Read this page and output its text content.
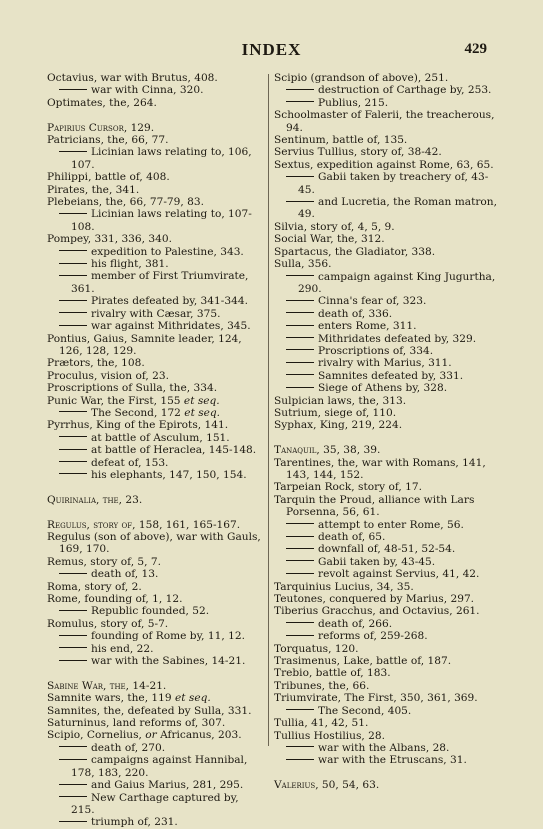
INDEX	429
Octavius, war with Brutus, 408.
war with Cinna, 320.
Optimates, the, 264.
Papirius Cursor, 129.
Patricians, the, 66, 77.
Licinian laws relating to, 106, 107.
Philippi, battle of, 408.
Pirates, the, 341.
Plebeians, the, 66, 77-79, 83.
Licinian laws relating to, 107-108.
Pompey, 331, 336, 340.
expedition to Palestine, 343.
his flight, 381.
member of First Triumvirate, 361.
Pirates defeated by, 341-344.
rivalry with Cæsar, 375.
war against Mithridates, 345.
Pontius, Gaius, Samnite leader, 124, 126, 128, 129.
Prætors, the, 108.
Proculus, vision of, 23.
Proscriptions of Sulla, the, 334.
Punic War, the First, 155 et seq.
The Second, 172 et seq.
Pyrrhus, King of the Epirots, 141.
at battle of Asculum, 151.
at battle of Heraclea, 145-148.
defeat of, 153.
his elephants, 147, 150, 154.
Quirinalia, the, 23.
Regulus, story of, 158, 161, 165-167.
Regulus (son of above), war with Gauls, 169, 170.
Remus, story of, 5, 7.
death of, 13.
Roma, story of, 2.
Rome, founding of, 1, 12.
Republic founded, 52.
Romulus, story of, 5-7.
founding of Rome by, 11, 12.
his end, 22.
war with the Sabines, 14-21.
Sabine War, the, 14-21.
Samnite wars, the, 119 et seq.
Samnites, the, defeated by Sulla, 331.
Saturninus, land reforms of, 307.
Scipio, Cornelius, or Africanus, 203.
death of, 270.
campaigns against Hannibal, 178, 183, 220.
and Gaius Marius, 281, 295.
New Carthage captured by, 215.
triumph of, 231.
Scipio (grandson of above), 251.
destruction of Carthage by, 253.
Publius, 215.
Schoolmaster of Falerii, the treacherous, 94.
Sentinum, battle of, 135.
Servius Tullius, story of, 38-42.
Sextus, expedition against Rome, 63, 65.
Gabii taken by treachery of, 43-45.
and Lucretia, the Roman matron, 49.
Silvia, story of, 4, 5, 9.
Social War, the, 312.
Spartacus, the Gladiator, 338.
Sulla, 356.
campaign against King Jugurtha, 290.
Cinna's fear of, 323.
death of, 336.
enters Rome, 311.
Mithridates defeated by, 329.
Proscriptions of, 334.
rivalry with Marius, 311.
Samnites defeated by, 331.
Siege of Athens by, 328.
Sulpician laws, the, 313.
Sutrium, siege of, 110.
Syphax, King, 219, 224.
Tanaquil, 35, 38, 39.
Tarentines, the, war with Romans, 141, 143, 144, 152.
Tarpeian Rock, story of, 17.
Tarquin the Proud, alliance with Lars Porsenna, 56, 61.
attempt to enter Rome, 56.
death of, 65.
downfall of, 48-51, 52-54.
Gabii taken by, 43-45.
revolt against Servius, 41, 42.
Tarquinius Lucius, 34, 35.
Teutones, conquered by Marius, 297.
Tiberius Gracchus, and Octavius, 261.
death of, 266.
reforms of, 259-268.
Torquatus, 120.
Trasimenus, Lake, battle of, 187.
Trebio, battle of, 183.
Tribunes, the, 66.
Triumvirate, The First, 350, 361, 369.
The Second, 405.
Tullia, 41, 42, 51.
Tullius Hostilius, 28.
war with the Albans, 28.
war with the Etruscans, 31.
Valerius, 50, 54, 63.
